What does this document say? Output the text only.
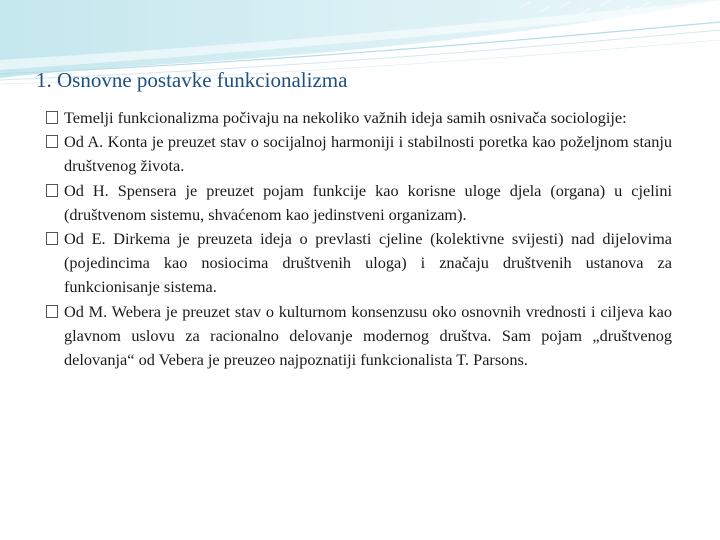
1. Osnovne postavke funkcionalizma
Temelji funkcionalizma počivaju na nekoliko važnih ideja samih osnivača sociologije:
Od A. Konta je preuzet stav o socijalnoj harmoniji i stabilnosti poretka kao poželjnom stanju društvenog života.
Od H. Spensera je preuzet pojam funkcije kao korisne uloge djela (organa) u cjelini (društvenom sistemu, shvaćenom kao jedinstveni organizam).
Od E. Dirkema je preuzeta ideja o prevlasti cjeline (kolektivne svijesti) nad dijelovima (pojedincima kao nosiocima društvenih uloga) i značaju društvenih ustanova za funkcionisanje sistema.
Od M. Webera je preuzet stav o kulturnom konsenzusu oko osnovnih vrednosti i ciljeva kao glavnom uslovu za racionalno delovanje modernog društva. Sam pojam „društvenog delovanja“ od Vebera je preuzeo najpoznatiji funkcionalista T. Parsons.
